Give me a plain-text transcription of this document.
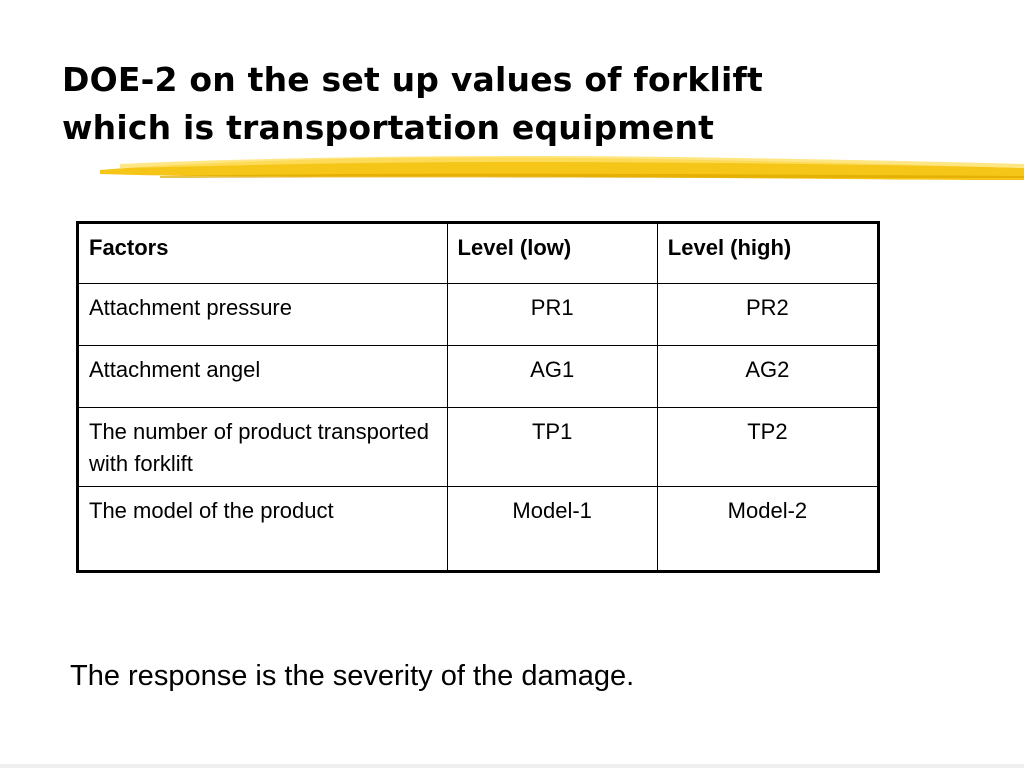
DOE-2 on the set up values of forklift
which is transportation equipment
Factors	Level (low)	Level (high)
Attachment pressure	PR1	PR2
Attachment angel	AG1	AG2
The number of product transported with forklift	TP1	TP2
The model of the product	Model-1	Model-2

The response is the severity of the damage.
